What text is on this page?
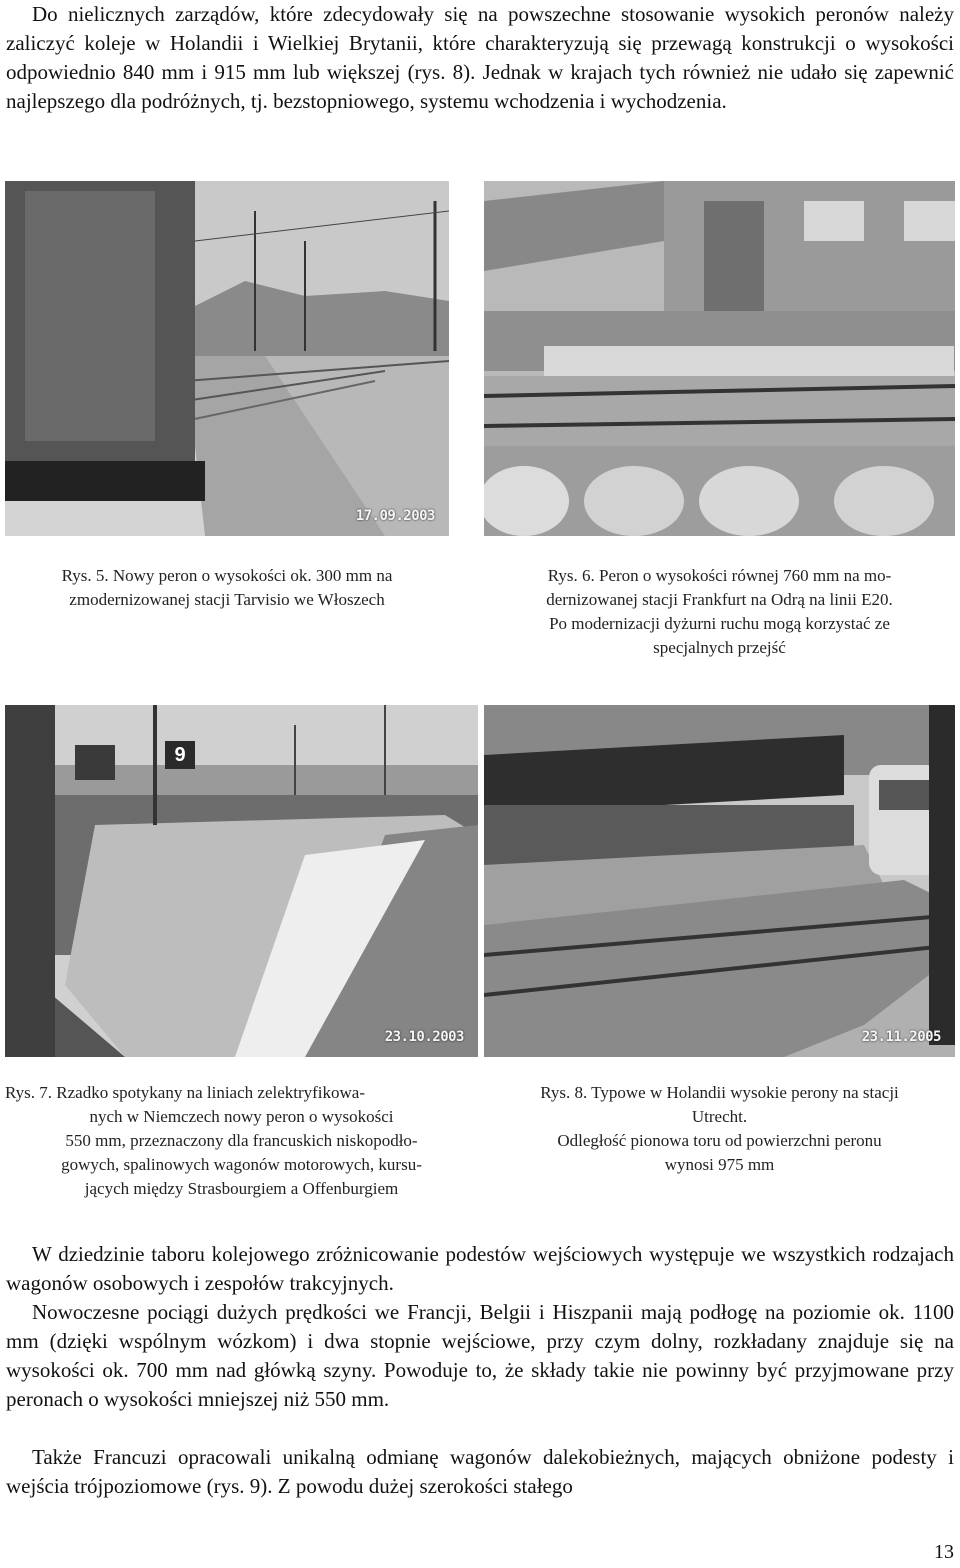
Do nielicznych zarządów, które zdecydowały się na powszechne stosowanie wysokich peronów należy zaliczyć koleje w Holandii i Wielkiej Brytanii, które charakteryzują się przewagą konstrukcji o wysokości odpowiednio 840 mm i 915 mm lub większej (rys. 8). Jednak w krajach tych również nie udało się zapewnić najlepszego dla podróżnych, tj. bezstopniowego, systemu wchodzenia i wychodzenia.

17.09.2003
Rys. 5. Nowy peron o wysokości ok. 300 mm na
zmodernizowanej stacji Tarvisio we Włoszech
Rys. 6. Peron o wysokości równej 760 mm na mo-
dernizowanej stacji Frankfurt na Odrą na linii E20.
Po modernizacji dyżurni ruchu mogą korzystać ze
specjalnych przejść
9
23.10.2003	23.11.2005
Rys. 7. Rzadko spotykany na liniach zelektryfikowa-
nych w Niemczech nowy peron o wysokości
550 mm, przeznaczony dla francuskich niskopodło-
gowych, spalinowych wagonów motorowych, kursu-
jących między Strasbourgiem a Offenburgiem
Rys. 8. Typowe w Holandii wysokie perony na stacji
Utrecht.
Odległość pionowa toru od powierzchni peronu
wynosi 975 mm

W dziedzinie taboru kolejowego zróżnicowanie podestów wejściowych występuje we wszystkich rodzajach wagonów osobowych i zespołów trakcyjnych.

Nowoczesne pociągi dużych prędkości we Francji, Belgii i Hiszpanii mają podłogę na poziomie ok. 1100 mm (dzięki wspólnym wózkom) i dwa stopnie wejściowe, przy czym dolny, rozkładany znajduje się na wysokości ok. 700 mm nad główką szyny. Powoduje to, że składy takie nie powinny być przyjmowane przy peronach o wysokości mniejszej niż 550 mm.

Także Francuzi opracowali unikalną odmianę wagonów dalekobieżnych, mających obniżone podesty i wejścia trójpoziomowe (rys. 9). Z powodu dużej szerokości stałego

13
